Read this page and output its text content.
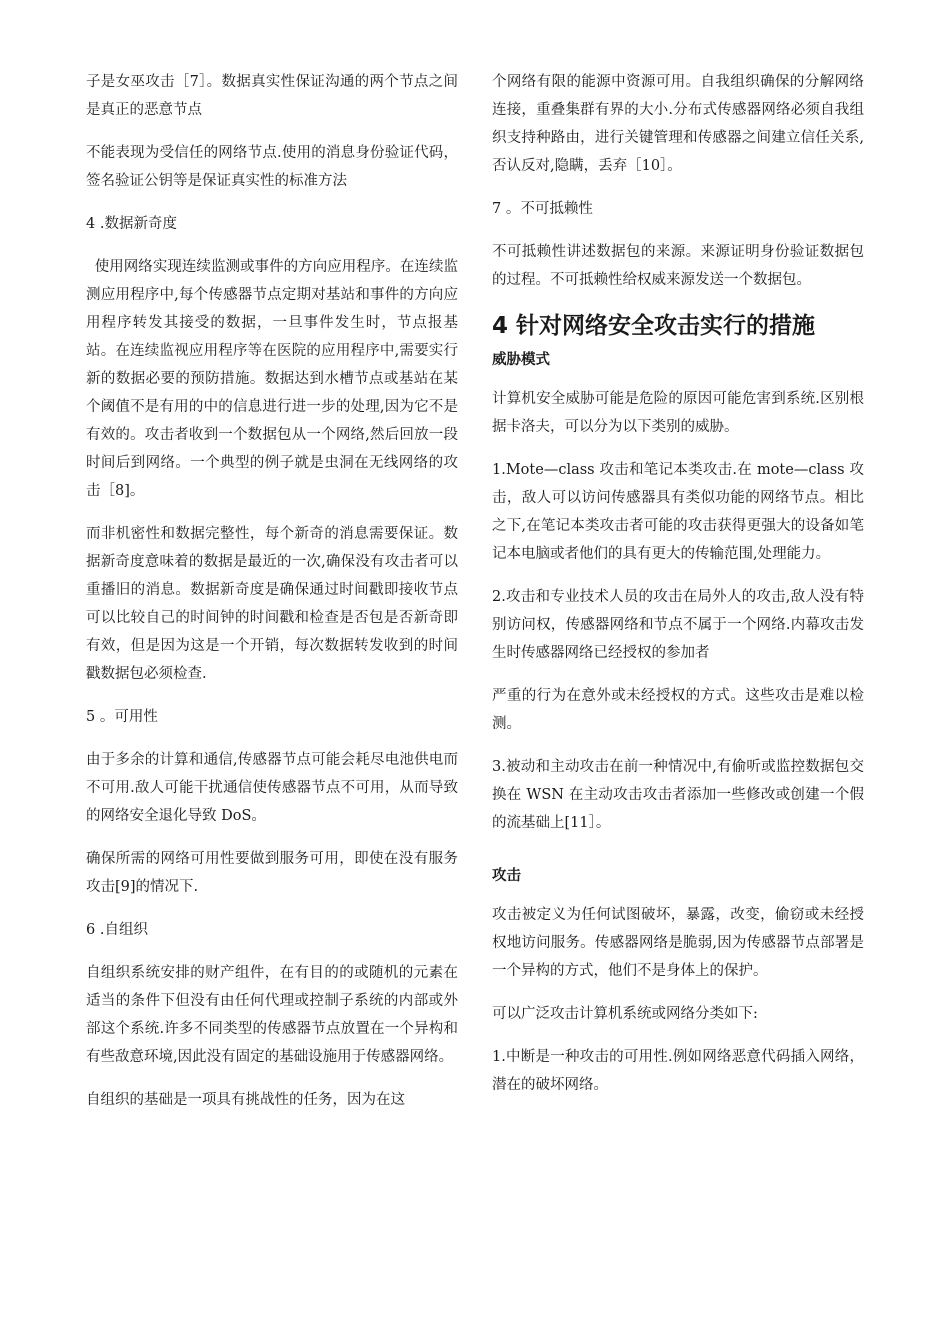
子是女巫攻击［7］。数据真实性保证沟通的两个节点之间是真正的恶意节点

不能表现为受信任的网络节点.使用的消息身份验证代码，签名验证公钥等是保证真实性的标准方法

4 .数据新奇度

使用网络实现连续监测或事件的方向应用程序。在连续监测应用程序中,每个传感器节点定期对基站和事件的方向应用程序转发其接受的数据，一旦事件发生时，节点报基站。在连续监视应用程序等在医院的应用程序中,需要实行新的数据必要的预防措施。数据达到水槽节点或基站在某个阈值不是有用的中的信息进行进一步的处理,因为它不是有效的。攻击者收到一个数据包从一个网络,然后回放一段时间后到网络。一个典型的例子就是虫洞在无线网络的攻击［8]。

而非机密性和数据完整性，每个新奇的消息需要保证。数据新奇度意味着的数据是最近的一次,确保没有攻击者可以重播旧的消息。数据新奇度是确保通过时间戳即接收节点可以比较自己的时间钟的时间戳和检查是否包是否新奇即有效，但是因为这是一个开销，每次数据转发收到的时间戳数据包必须检查.

5 。可用性

由于多余的计算和通信,传感器节点可能会耗尽电池供电而不可用.敌人可能干扰通信使传感器节点不可用，从而导致的网络安全退化导致 DoS。

确保所需的网络可用性要做到服务可用，即使在没有服务攻击[9]的情况下.

6 .自组织

自组织系统安排的财产组件，在有目的的或随机的元素在适当的条件下但没有由任何代理或控制子系统的内部或外部这个系统.许多不同类型的传感器节点放置在一个异构和有些敌意环境,因此没有固定的基础设施用于传感器网络。

自组织的基础是一项具有挑战性的任务，因为在这

个网络有限的能源中资源可用。自我组织确保的分解网络连接，重叠集群有界的大小.分布式传感器网络必须自我组织支持种路由，进行关键管理和传感器之间建立信任关系,否认反对,隐瞒，丢弃［10］。

7 。不可抵赖性

不可抵赖性讲述数据包的来源。来源证明身份验证数据包的过程。不可抵赖性给权威来源发送一个数据包。

4 针对网络安全攻击实行的措施
威胁模式

计算机安全威胁可能是危险的原因可能危害到系统.区别根据卡洛夫，可以分为以下类别的威胁。

1.Mote—class 攻击和笔记本类攻击.在 mote—class 攻击，敌人可以访问传感器具有类似功能的网络节点。相比之下,在笔记本类攻击者可能的攻击获得更强大的设备如笔记本电脑或者他们的具有更大的传输范围,处理能力。

2.攻击和专业技术人员的攻击在局外人的攻击,敌人没有特别访问权，传感器网络和节点不属于一个网络.内幕攻击发生时传感器网络已经授权的参加者

严重的行为在意外或未经授权的方式。这些攻击是难以检测。

3.被动和主动攻击在前一种情况中,有偷听或监控数据包交换在 WSN 在主动攻击攻击者添加一些修改或创建一个假的流基础上[11］。

攻击

攻击被定义为任何试图破坏，暴露，改变，偷窃或未经授权地访问服务。传感器网络是脆弱,因为传感器节点部署是一个异构的方式，他们不是身体上的保护。

可以广泛攻击计算机系统或网络分类如下:

1.中断是一种攻击的可用性.例如网络恶意代码插入网络，潜在的破坏网络。
